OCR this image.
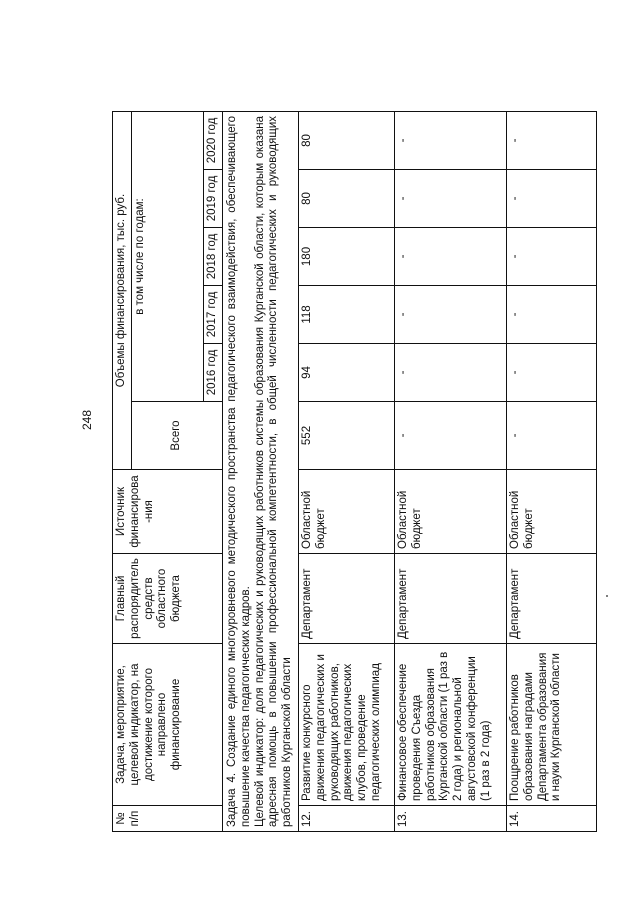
248
№ п/п	Задача, мероприятие, целевой индикатор, на достижение которого направлено финансирование	Главный распорядитель средств областного бюджета	Источник финансирова-ния	Объемы финансирования, тыс. руб.					
				Всего	в том числе по годам:				
					2016 год	2017 год	2018 год	2019 год	2020 год

Задача 4. Создание единого многоуровневого методического пространства педагогического взаимодействия, обеспечивающего повышение качества педагогических кадров. Целевой индикатор: доля педагогических и руководящих работников системы образования Курганской области, которым оказана адресная помощь в повышении профессиональной компетентности, в общей численности педагогических и руководящих работников Курганской области									

12.	Развитие конкурсного движения педагогических и руководящих работников, движения педагогических клубов, проведение педагогических олимпиад	Департамент	Областной бюджет	552	94	118	180	80	80
13.	Финансовое обеспечение проведения Съезда работников образования Курганской области (1 раз в 2 года) и региональной августовской конференции (1 раз в 2 года)	Департамент	Областной бюджет	-	-	-	-	-	-
14.	Поощрение работников образования наградами Департамента образования и науки Курганской области	Департамент	Областной бюджет	-	-	-	-	-	-
